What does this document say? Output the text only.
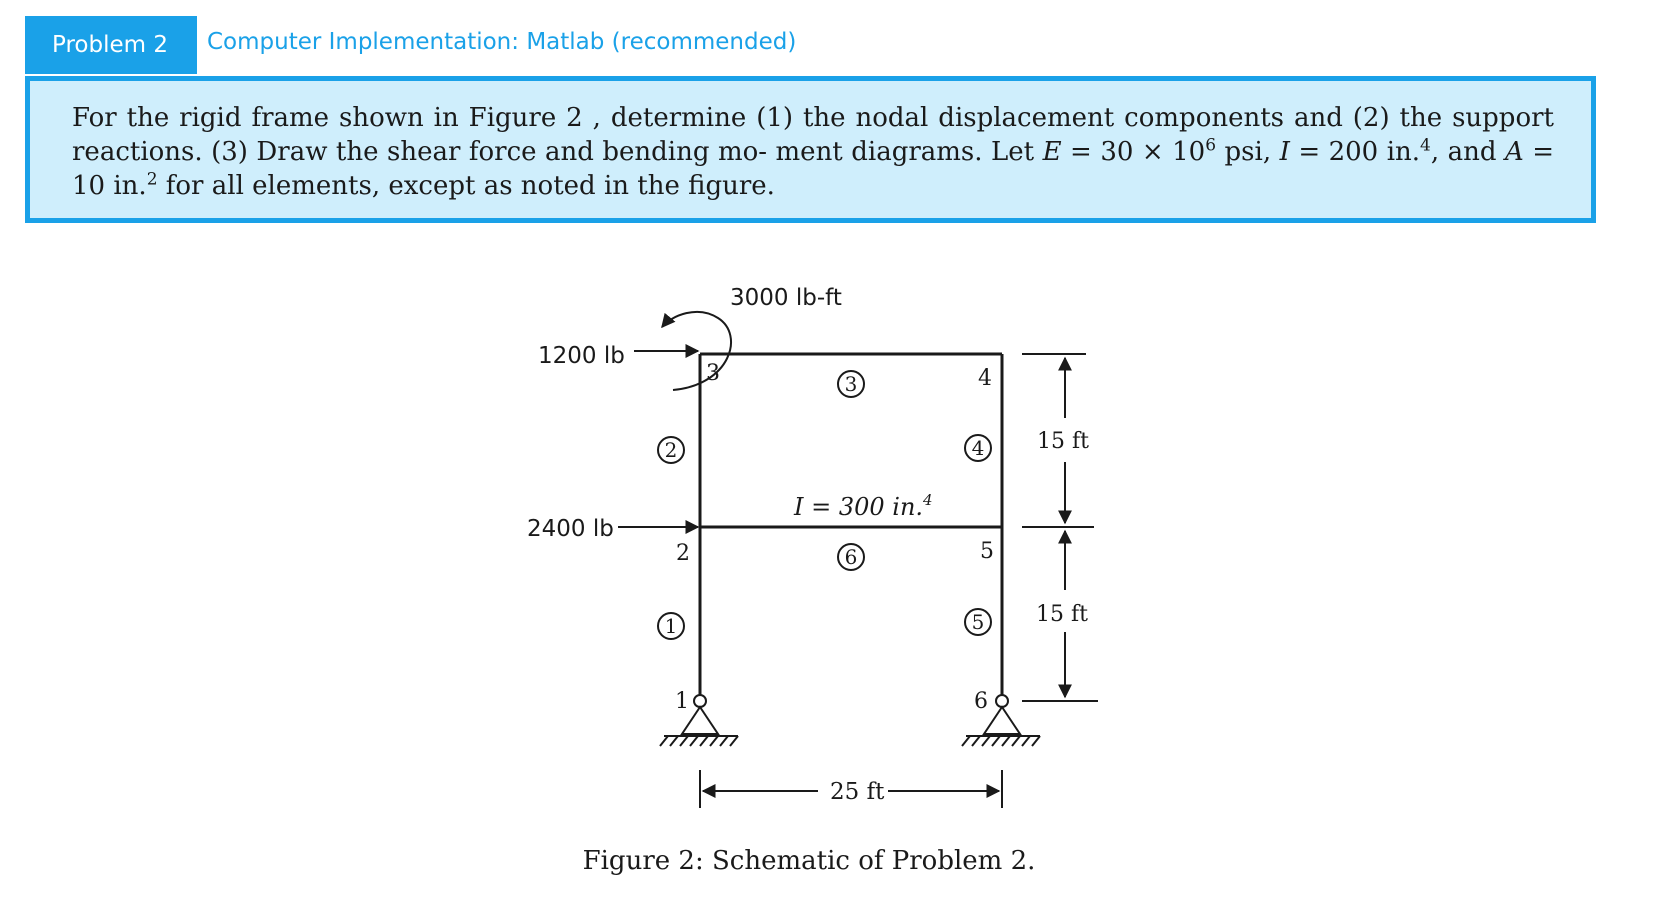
Problem 2	Computer Implementation: Matlab (recommended)
For the rigid frame shown in Figure 2 , determine (1) the nodal displacement components and (2) the support reactions. (3) Draw the shear force and bending mo- ment diagrams. Let $E = 30 \times 10^6$ psi, I = 200 in.$^4$, and A = 10 in.$^2$ for all elements, except as noted in the figure.
1200 lb
2400 lb
3000 lb-ft
1
2
3	4
5
6
1
2
3
4
5
6
I = 300 in.$^4$
15 ft
15 ft
25 ft
Figure 2: Schematic of Problem 2.
